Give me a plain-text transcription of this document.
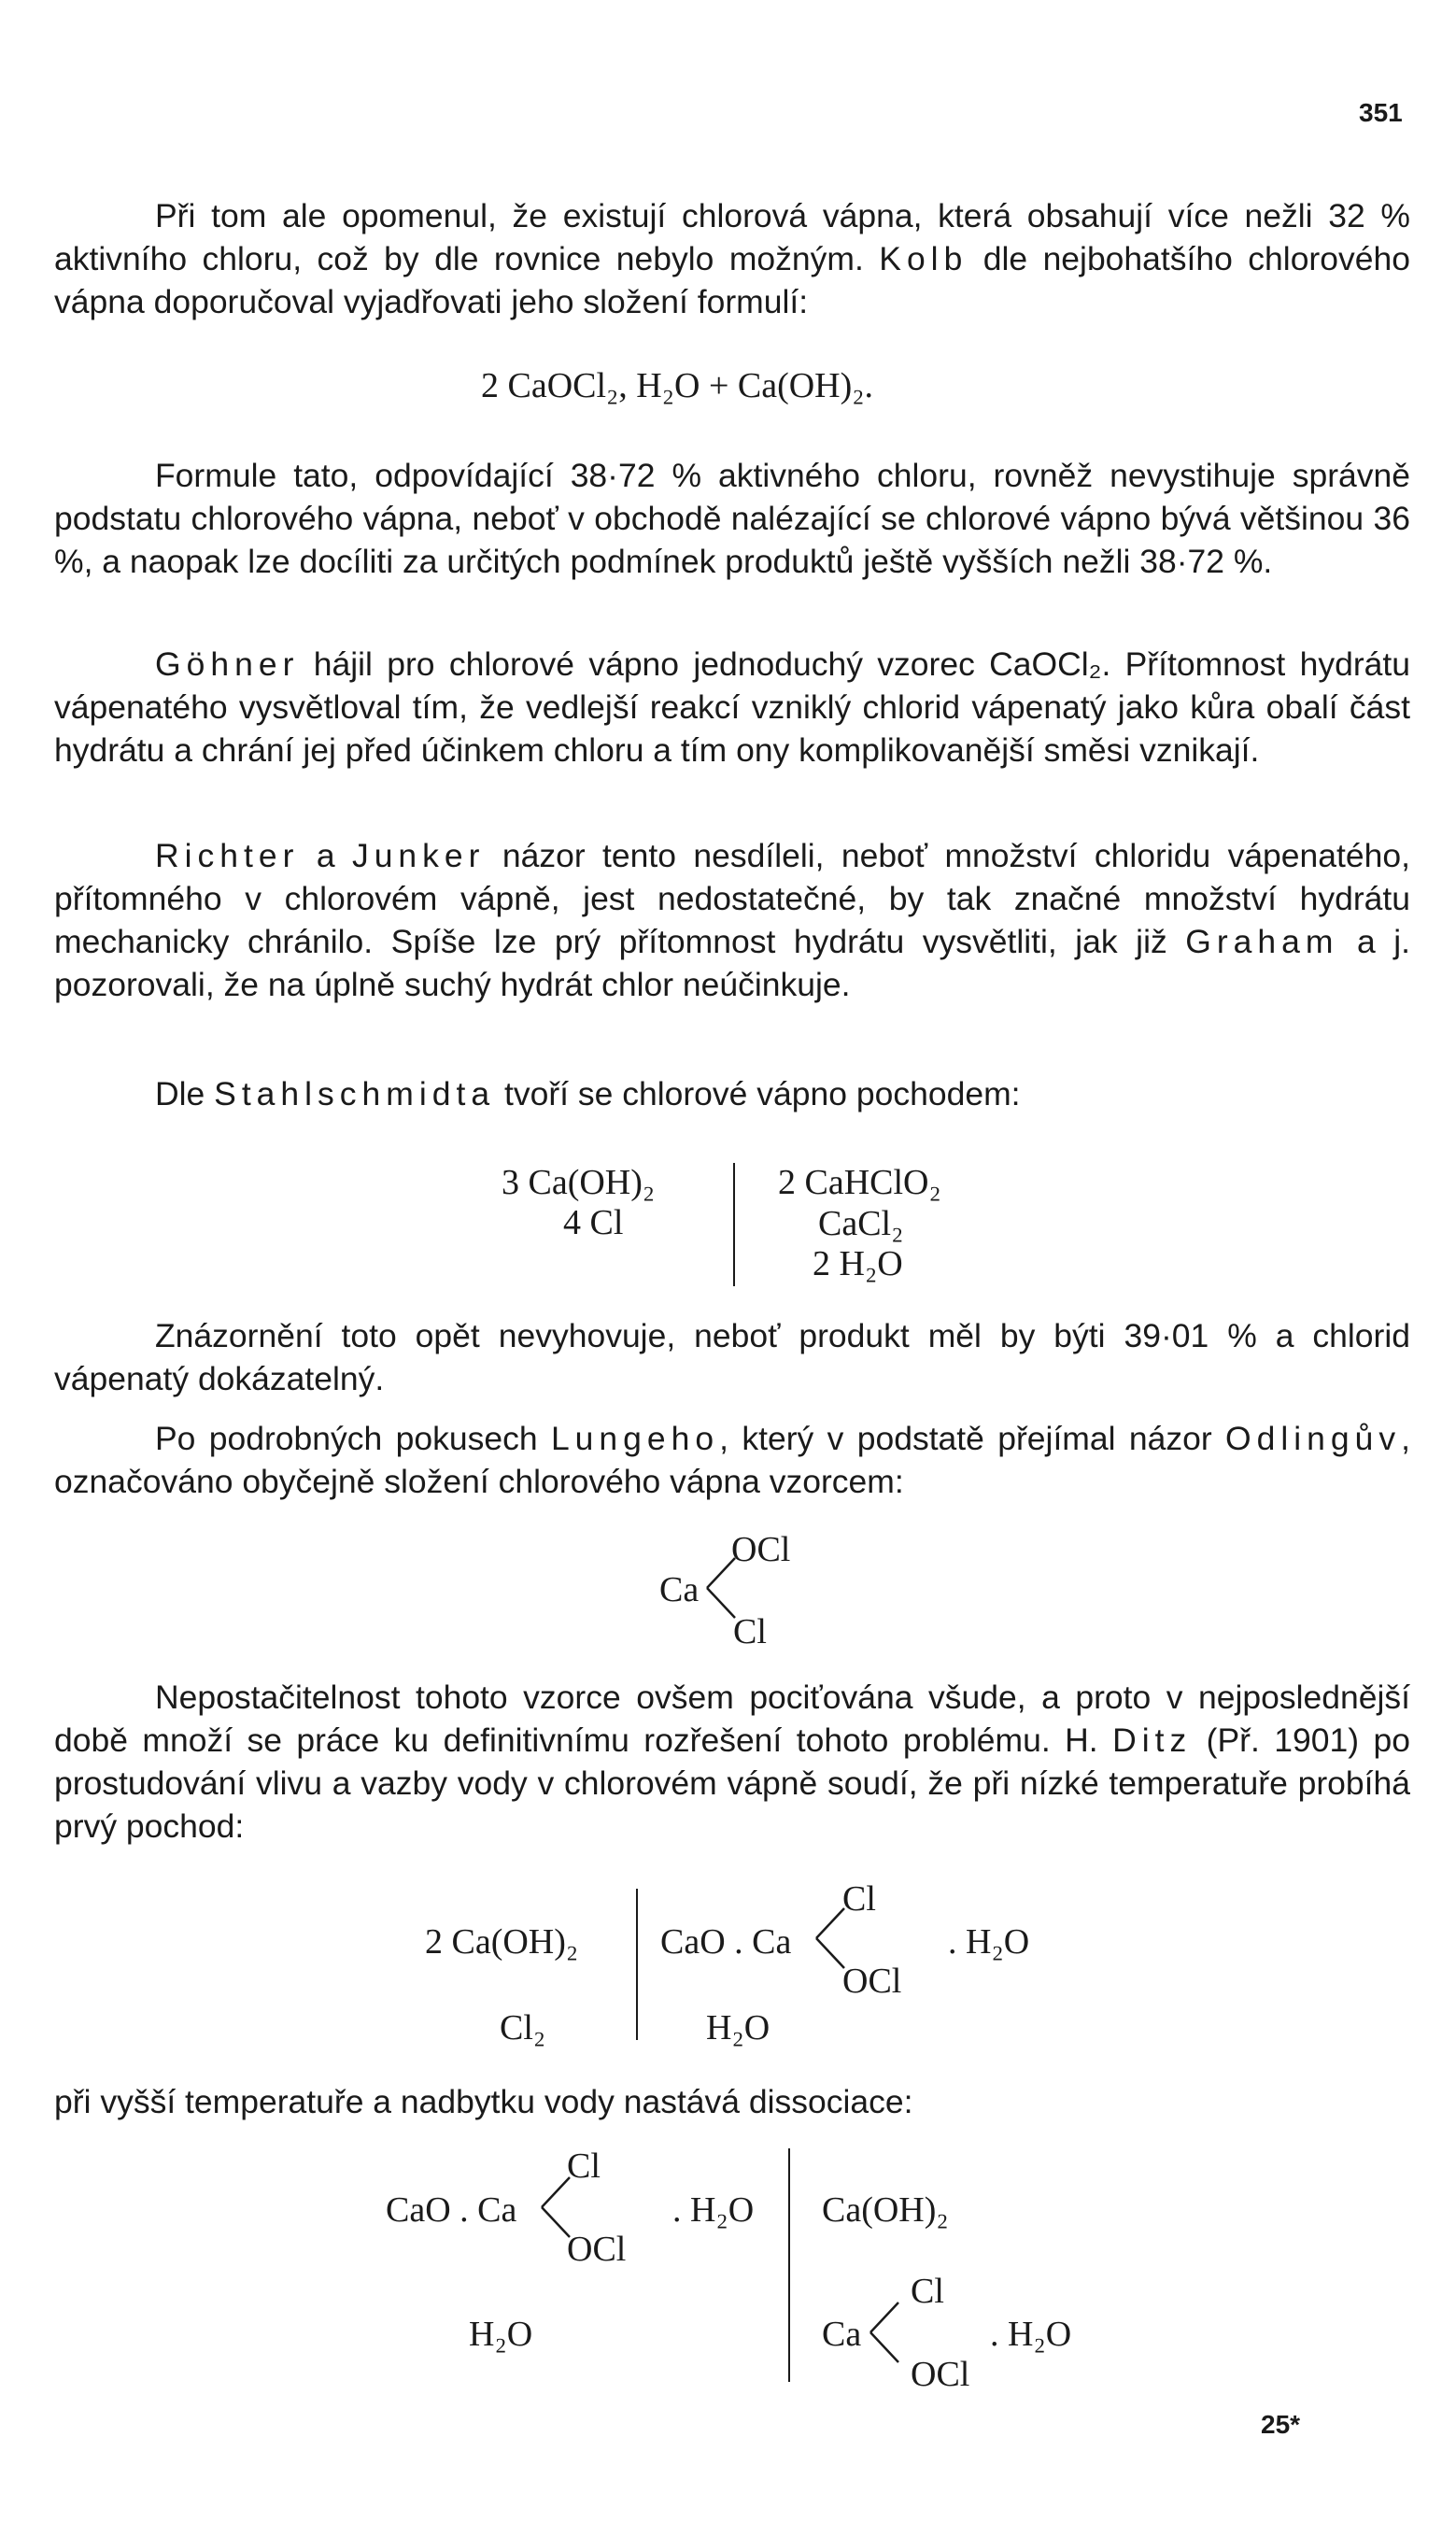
351

Při tom ale opomenul, že existují chlorová vápna, která obsahují více nežli 32 % aktivního chloru, což by dle rovnice nebylo možným. Kolb dle nejbohatšího chlorového vápna doporučoval vyjadřovati jeho složení formulí:

2 CaOCl₂, H₂O + Ca(OH)₂.

Formule tato, odpovídající 38·72 % aktivného chloru, rovněž nevystihuje správně podstatu chlorového vápna, neboť v obchodě nalézající se chlorové vápno bývá většinou 36 %, a naopak lze docíliti za určitých podmínek produktů ještě vyšších nežli 38·72 %.

Göhner hájil pro chlorové vápno jednoduchý vzorec CaOCl₂. Přítomnost hydrátu vápenatého vysvětloval tím, že vedlejší reakcí vzniklý chlorid vápenatý jako kůra obalí část hydrátu a chrání jej před účinkem chloru a tím ony komplikovanější směsi vznikají.

Richter a Junker názor tento nesdíleli, neboť množství chloridu vápenatého, přítomného v chlorovém vápně, jest nedostatečné, by tak značné množství hydrátu mechanicky chránilo. Spíše lze prý přítomnost hydrátu vysvětliti, jak již Graham a j. pozorovali, že na úplně suchý hydrát chlor neúčinkuje.

Dle Stahlschmidta tvoří se chlorové vápno pochodem:

3 Ca(OH)₂
4 Cl
2 CaHClO₂
CaCl₂
2 H₂O

Znázornění toto opět nevyhovuje, neboť produkt měl by býti 39·01 % a chlorid vápenatý dokázatelný.

Po podrobných pokusech Lungeho, který v podstatě přejímal názor Odlingův, označováno obyčejně složení chlorového vápna vzorcem:

Ca
OCl
Cl

Nepostačitelnost tohoto vzorce ovšem pociťována všude, a proto v nejposlednější době množí se práce ku definitivnímu rozřešení tohoto problému. H. Ditz (Př. 1901) po prostudování vlivu a vazby vody v chlorovém vápně soudí, že při nízké temperatuře probíhá prvý pochod:

2 Ca(OH)₂
Cl₂
CaO . Ca
Cl
OCl
. H₂O
H₂O

při vyšší temperatuře a nadbytku vody nastává dissociace:

CaO . Ca
Cl
OCl
. H₂O
H₂O
Ca(OH)₂
Ca
Cl
OCl
. H₂O
25*
